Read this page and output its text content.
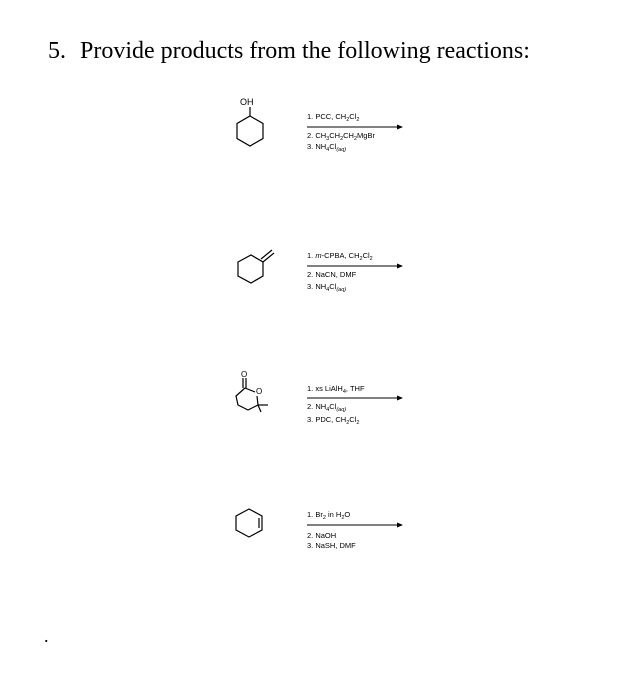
5. Provide products from the following reactions:
OH
1. PCC, $CH_2Cl_2$
2. $CH_3CH_2CH_2MgBr$
3. $NH_4Cl_{(aq)}$
1. m-CPBA, $CH_2Cl_2$
2. NaCN, DMF
3. $NH_4Cl_{(aq)}$
O
O	1. xs LiAlH$_4$, THF
2. $NH_4Cl_{(aq)}$
3. PDC, $CH_2Cl_2$
1. $Br_2$ in $H_2O$
2. NaOH
3. NaSH, DMF
.
